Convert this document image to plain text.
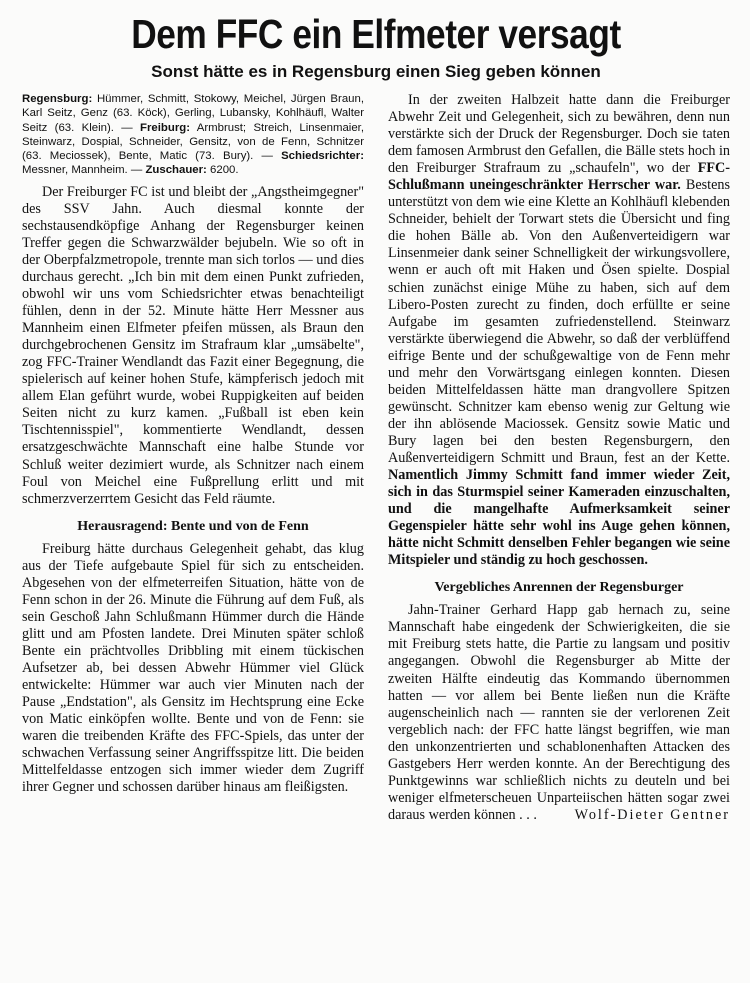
Dem FFC ein Elfmeter versagt
Sonst hätte es in Regensburg einen Sieg geben können
Regensburg: Hümmer, Schmitt, Stokowy, Meichel, Jürgen Braun, Karl Seitz, Genz (63. Köck), Gerling, Lubansky, Kohlhäufl, Walter Seitz (63. Klein). — Freiburg: Armbrust; Streich, Linsenmaier, Steinwarz, Dospial, Schneider, Gensitz, von de Fenn, Schnitzer (63. Meciossek), Bente, Matic (73. Bury). — Schiedsrichter: Messner, Mannheim. — Zuschauer: 6200.

Der Freiburger FC ist und bleibt der „Angstheimgegner" des SSV Jahn. Auch diesmal konnte der sechstausendköpfige Anhang der Regensburger keinen Treffer gegen die Schwarzwälder bejubeln. Wie so oft in der Oberpfalzmetropole, trennte man sich torlos — und dies durchaus gerecht. „Ich bin mit dem einen Punkt zufrieden, obwohl wir uns vom Schiedsrichter etwas benachteiligt fühlen, denn in der 52. Minute hätte Herr Messner aus Mannheim einen Elfmeter pfeifen müssen, als Braun den durchgebrochenen Gensitz im Strafraum klar „umsäbelte", zog FFC-Trainer Wendlandt das Fazit einer Begegnung, die spielerisch auf keiner hohen Stufe, kämpferisch jedoch mit allem Elan geführt wurde, wobei Ruppigkeiten auf beiden Seiten nicht zu kurz kamen. „Fußball ist eben kein Tischtennisspiel", kommentierte Wendlandt, dessen ersatzgeschwächte Mannschaft eine halbe Stunde vor Schluß weiter dezimiert wurde, als Schnitzer nach einem Foul von Meichel eine Fußprellung erlitt und mit schmerzverzerrtem Gesicht das Feld räumte.

Herausragend: Bente und von de Fenn

Freiburg hätte durchaus Gelegenheit gehabt, das klug aus der Tiefe aufgebaute Spiel für sich zu entscheiden. Abgesehen von der elfmeterreifen Situation, hätte von de Fenn schon in der 26. Minute die Führung auf dem Fuß, als sein Geschoß Jahn Schlußmann Hümmer durch die Hände glitt und am Pfosten landete. Drei Minuten später schloß Bente ein prächtvolles Dribbling mit einem tückischen Aufsetzer ab, bei dessen Abwehr Hümmer viel Glück entwickelte: Hümmer war auch vier Minuten nach der Pause „Endstation", als Gensitz im Hechtsprung eine Ecke von Matic einköpfen wollte. Bente und von de Fenn: sie waren die treibenden Kräfte des FFC-Spiels, das unter der schwachen Verfassung seiner Angriffsspitze litt. Die beiden Mittelfeldasse entzogen sich immer wieder dem Zugriff ihrer Gegner und schossen darüber hinaus am fleißigsten.

In der zweiten Halbzeit hatte dann die Freiburger Abwehr Zeit und Gelegenheit, sich zu bewähren, denn nun verstärkte sich der Druck der Regensburger. Doch sie taten dem famosen Armbrust den Gefallen, die Bälle stets hoch in den Freiburger Strafraum zu „schaufeln", wo der FFC-Schlußmann uneingeschränkter Herrscher war. Bestens unterstützt von dem wie eine Klette an Kohlhäufl klebenden Schneider, behielt der Torwart stets die Übersicht und fing die hohen Bälle ab. Von den Außenverteidigern war Linsenmeier dank seiner Schnelligkeit der wirkungsvollere, wenn er auch oft mit Haken und Ösen spielte. Dospial schien zunächst einige Mühe zu haben, sich auf dem Libero-Posten zurecht zu finden, doch erfüllte er seine Aufgabe im gesamten zufriedenstellend. Steinwarz verstärkte überwiegend die Abwehr, so daß der verblüffend eifrige Bente und der schußgewaltige von de Fenn mehr und mehr den Vorwärtsgang einlegen konnten. Diesen beiden Mittelfeldassen hätte man drangvollere Spitzen gewünscht. Schnitzer kam ebenso wenig zur Geltung wie der ihn ablösende Maciossek. Gensitz sowie Matic und Bury lagen bei den besten Regensburgern, den Außenverteidigern Schmitt und Braun, fest an der Kette. Namentlich Jimmy Schmitt fand immer wieder Zeit, sich in das Sturmspiel seiner Kameraden einzuschalten, und die mangelhafte Aufmerksamkeit seiner Gegenspieler hätte sehr wohl ins Auge gehen können, hätte nicht Schmitt denselben Fehler begangen wie seine Mitspieler und ständig zu hoch geschossen.

Vergebliches Anrennen der Regensburger

Jahn-Trainer Gerhard Happ gab hernach zu, seine Mannschaft habe eingedenk der Schwierigkeiten, die sie mit Freiburg stets hatte, die Partie zu langsam und positiv angegangen. Obwohl die Regensburger ab Mitte der zweiten Hälfte eindeutig das Kommando übernommen hatten — vor allem bei Bente ließen nun die Kräfte augenscheinlich nach — rannten sie der verlorenen Zeit vergeblich nach: der FFC hatte längst begriffen, wie man den unkonzentrierten und schablonenhaften Attacken des Gastgebers Herr werden konnte. An der Berechtigung des Punktgewinns war schließlich nichts zu deuteln und bei weniger elfmeterscheuen Unparteiischen hätten sogar zwei daraus werden können . . .	Wolf-Dieter Gentner
